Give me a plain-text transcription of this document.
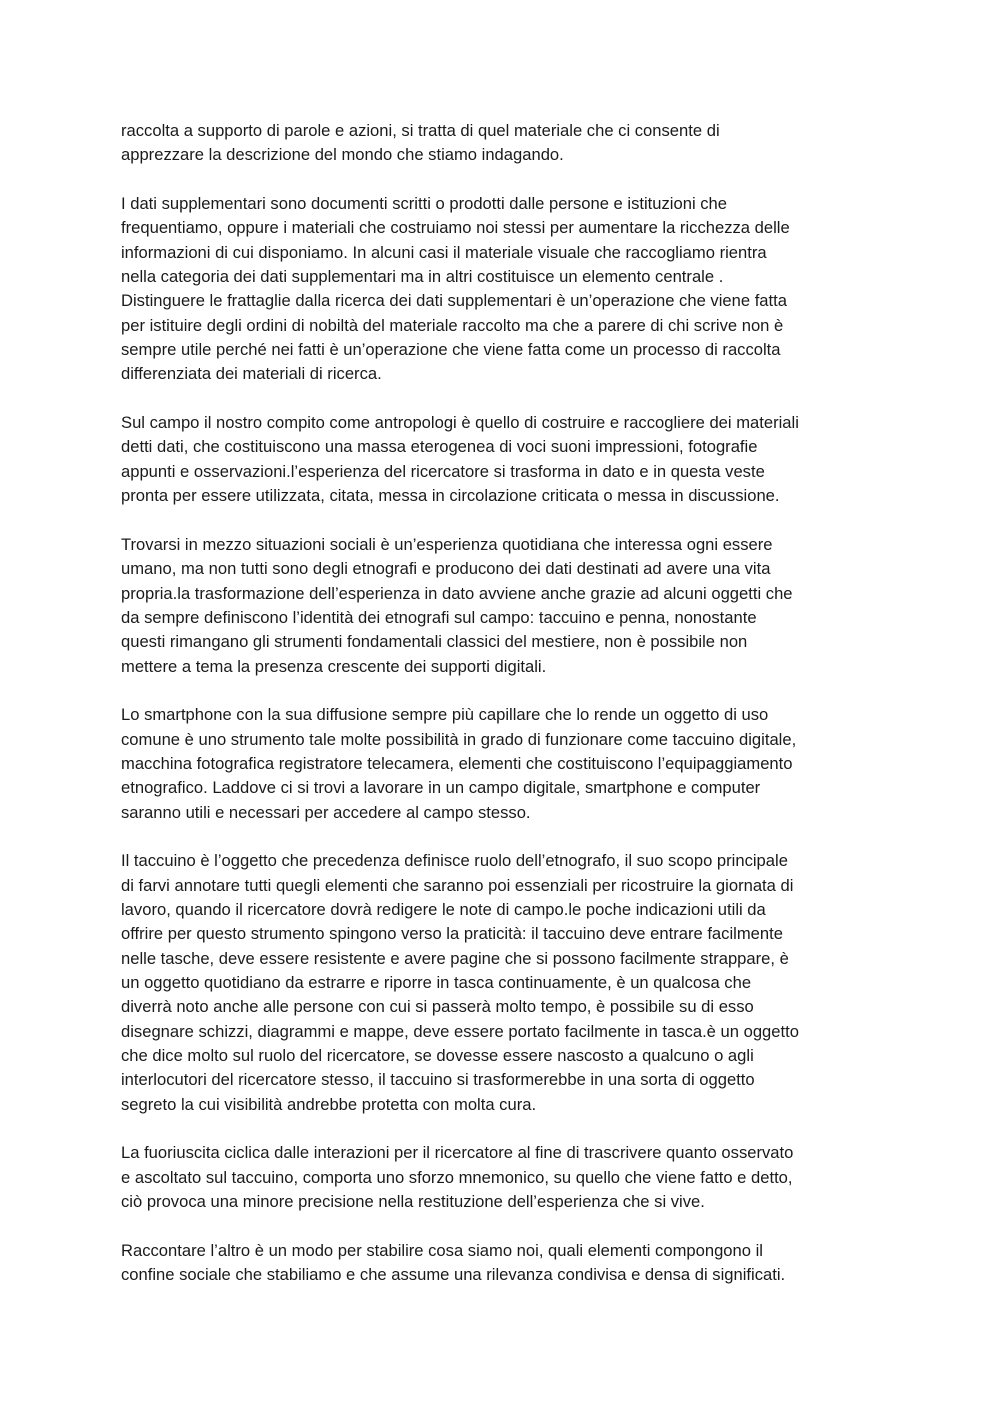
raccolta a supporto di parole e azioni, si tratta di quel materiale che ci consente di
apprezzare la descrizione del mondo che stiamo indagando.

I dati supplementari sono documenti scritti o prodotti dalle persone e istituzioni che
frequentiamo, oppure i materiali che costruiamo noi stessi per aumentare la ricchezza delle
informazioni di cui disponiamo. In alcuni casi il materiale visuale che raccogliamo rientra
nella categoria dei dati supplementari ma in altri costituisce un elemento centrale .
Distinguere le frattaglie dalla ricerca dei dati supplementari è un’operazione che viene fatta
per istituire degli ordini di nobiltà del materiale raccolto ma che a parere di chi scrive non è
sempre utile perché nei fatti è un’operazione che viene fatta come un processo di raccolta
differenziata dei materiali di ricerca.

Sul campo il nostro compito come antropologi è quello di costruire e raccogliere dei materiali
detti dati, che costituiscono una massa eterogenea di voci suoni impressioni, fotografie
appunti e osservazioni.l’esperienza del ricercatore si trasforma in dato e in questa veste
pronta per essere utilizzata, citata, messa in circolazione criticata o messa in discussione.

Trovarsi in mezzo situazioni sociali è un’esperienza quotidiana che interessa ogni essere
umano, ma non tutti sono degli etnografi e producono dei dati destinati ad avere una vita
propria.la trasformazione dell’esperienza in dato avviene anche grazie ad alcuni oggetti che
da sempre definiscono l’identità dei etnografi sul campo: taccuino e penna, nonostante
questi rimangano gli strumenti fondamentali classici del mestiere, non è possibile non
mettere a tema la presenza crescente dei supporti digitali.

Lo smartphone con la sua diffusione sempre più capillare che lo rende un oggetto di uso
comune è uno strumento tale molte possibilità in grado di funzionare come taccuino digitale,
macchina fotografica registratore telecamera, elementi che costituiscono l’equipaggiamento
etnografico. Laddove ci si trovi a lavorare in un campo digitale, smartphone e computer
saranno utili e necessari per accedere al campo stesso.

Il taccuino è l’oggetto che precedenza definisce ruolo dell’etnografo, il suo scopo principale
di farvi annotare tutti quegli elementi che saranno poi essenziali per ricostruire la giornata di
lavoro, quando il ricercatore dovrà redigere le note di campo.le poche indicazioni utili da
offrire per questo strumento spingono verso la praticità: il taccuino deve entrare facilmente
nelle tasche, deve essere resistente e avere pagine che si possono facilmente strappare, è
un oggetto quotidiano da estrarre e riporre in tasca continuamente, è un qualcosa che
diverrà noto anche alle persone con cui si passerà molto tempo, è possibile su di esso
disegnare schizzi, diagrammi e mappe, deve essere portato facilmente in tasca.è un oggetto
che dice molto sul ruolo del ricercatore, se dovesse essere nascosto a qualcuno o agli
interlocutori del ricercatore stesso, il taccuino si trasformerebbe in una sorta di oggetto
segreto la cui visibilità andrebbe protetta con molta cura.

La fuoriuscita ciclica dalle interazioni per il ricercatore al fine di trascrivere quanto osservato
e ascoltato sul taccuino, comporta uno sforzo mnemonico, su quello che viene fatto e detto,
ciò provoca una minore precisione nella restituzione dell’esperienza che si vive.

Raccontare l’altro è un modo per stabilire cosa siamo noi, quali elementi compongono il
confine sociale che stabiliamo e che assume una rilevanza condivisa e densa di significati.
